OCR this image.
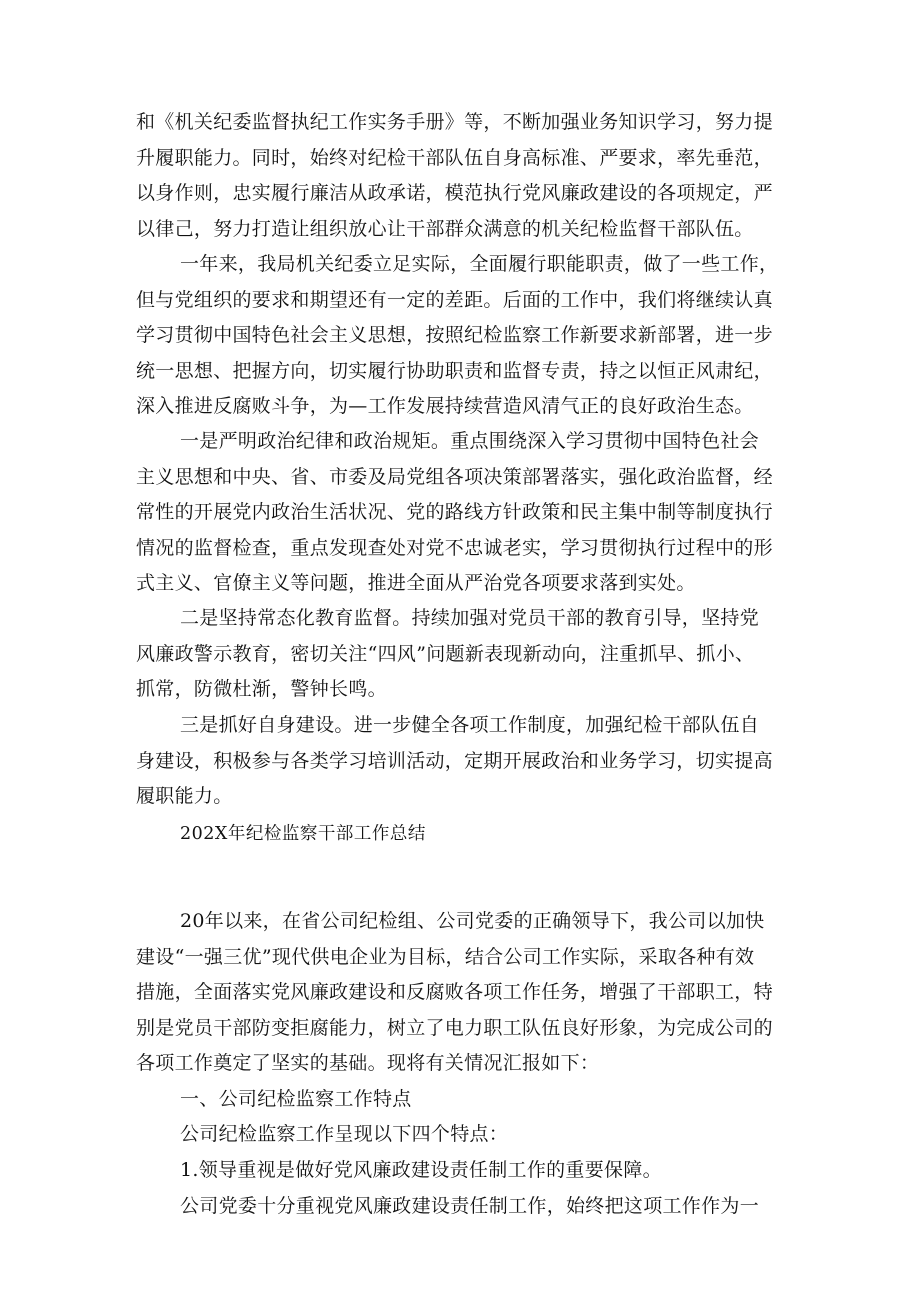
和《机关纪委监督执纪工作实务手册》等，不断加强业务知识学习，努力提
升履职能力。同时，始终对纪检干部队伍自身高标准、严要求，率先垂范，
以身作则，忠实履行廉洁从政承诺，模范执行党风廉政建设的各项规定，严
以律己，努力打造让组织放心让干部群众满意的机关纪检监督干部队伍。
一年来，我局机关纪委立足实际，全面履行职能职责，做了一些工作，
但与党组织的要求和期望还有一定的差距。后面的工作中，我们将继续认真
学习贯彻中国特色社会主义思想，按照纪检监察工作新要求新部署，进一步
统一思想、把握方向，切实履行协助职责和监督专责，持之以恒正风肃纪，
深入推进反腐败斗争，为—工作发展持续营造风清气正的良好政治生态。
一是严明政治纪律和政治规矩。重点围绕深入学习贯彻中国特色社会
主义思想和中央、省、市委及局党组各项决策部署落实，强化政治监督，经
常性的开展党内政治生活状况、党的路线方针政策和民主集中制等制度执行
情况的监督检查，重点发现查处对党不忠诚老实，学习贯彻执行过程中的形
式主义、官僚主义等问题，推进全面从严治党各项要求落到实处。
二是坚持常态化教育监督。持续加强对党员干部的教育引导，坚持党
风廉政警示教育，密切关注“四风”问题新表现新动向，注重抓早、抓小、
抓常，防微杜渐，警钟长鸣。
三是抓好自身建设。进一步健全各项工作制度，加强纪检干部队伍自
身建设，积极参与各类学习培训活动，定期开展政治和业务学习，切实提高
履职能力。
202X年纪检监察干部工作总结
20年以来，在省公司纪检组、公司党委的正确领导下，我公司以加快
建设“一强三优”现代供电企业为目标，结合公司工作实际，采取各种有效
措施，全面落实党风廉政建设和反腐败各项工作任务，增强了干部职工，特
别是党员干部防变拒腐能力，树立了电力职工队伍良好形象，为完成公司的
各项工作奠定了坚实的基础。现将有关情况汇报如下：
一、公司纪检监察工作特点
公司纪检监察工作呈现以下四个特点：
1.领导重视是做好党风廉政建设责任制工作的重要保障。
公司党委十分重视党风廉政建设责任制工作，始终把这项工作作为一
